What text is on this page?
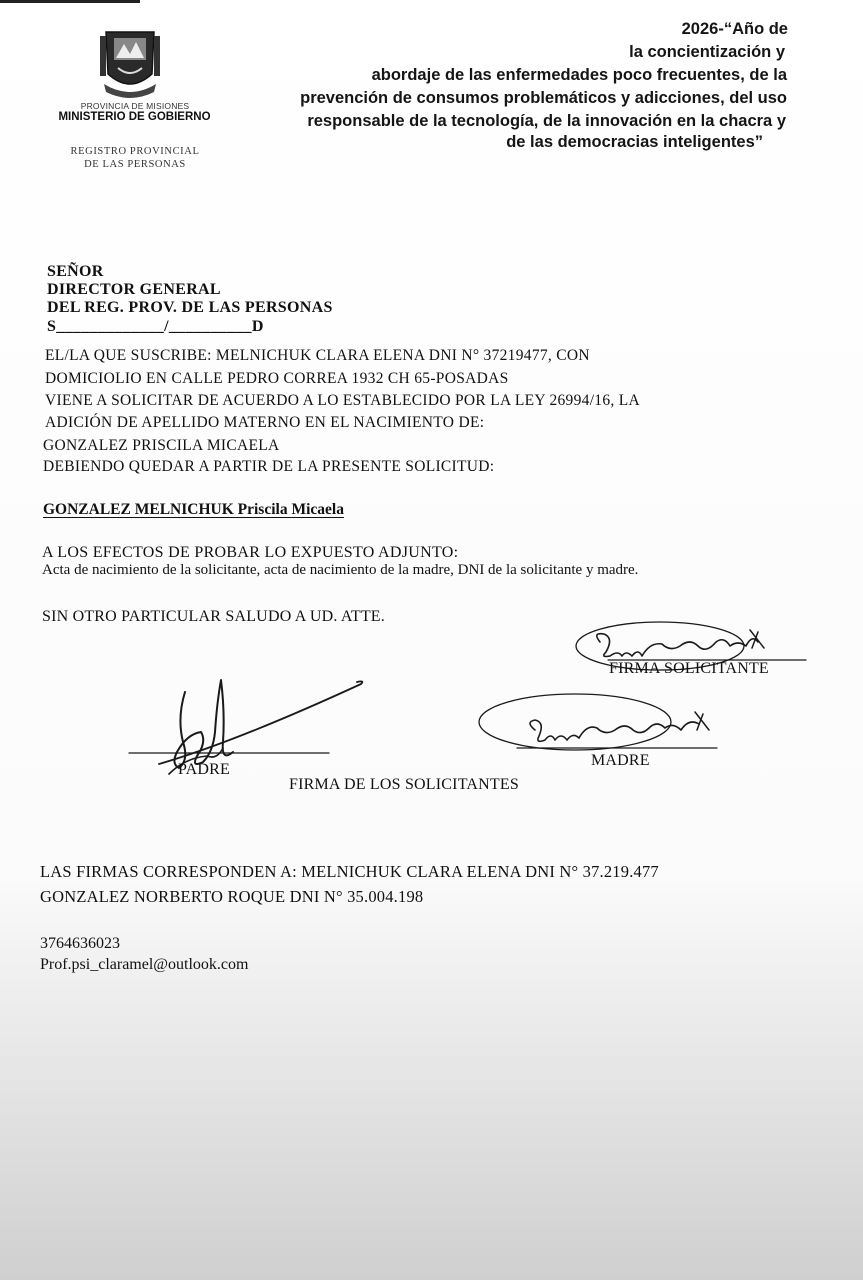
PROVINCIA DE MISIONES
MINISTERIO DE GOBIERNO
REGISTRO PROVINCIAL
DE LAS PERSONAS
2026-“Año de
la concientización y
abordaje de las enfermedades poco frecuentes, de la
prevención de consumos problemáticos y adicciones, del uso
responsable de la tecnología, de la innovación en la chacra y
de las democracias inteligentes”
SEÑOR
DIRECTOR GENERAL
DEL REG. PROV. DE LAS PERSONAS
S_____________/__________D
EL/LA QUE SUSCRIBE: MELNICHUK CLARA ELENA DNI N° 37219477, CON
DOMICIOLIO EN CALLE PEDRO CORREA 1932 CH 65-POSADAS
VIENE A SOLICITAR DE ACUERDO A LO ESTABLECIDO POR LA LEY 26994/16, LA
ADICIÓN DE APELLIDO MATERNO EN EL NACIMIENTO DE:
GONZALEZ PRISCILA MICAELA
DEBIENDO QUEDAR A PARTIR DE LA PRESENTE SOLICITUD:
GONZALEZ MELNICHUK Priscila Micaela
A LOS EFECTOS DE PROBAR LO EXPUESTO ADJUNTO:
Acta de nacimiento de la solicitante, acta de nacimiento de la madre, DNI de la solicitante y madre.
SIN OTRO PARTICULAR SALUDO A UD. ATTE.
FIRMA SOLICITANTE
PADRE
MADRE
FIRMA DE LOS SOLICITANTES
LAS FIRMAS CORRESPONDEN A: MELNICHUK CLARA ELENA DNI N° 37.219.477
GONZALEZ NORBERTO ROQUE DNI N° 35.004.198
3764636023
Prof.psi_claramel@outlook.com
